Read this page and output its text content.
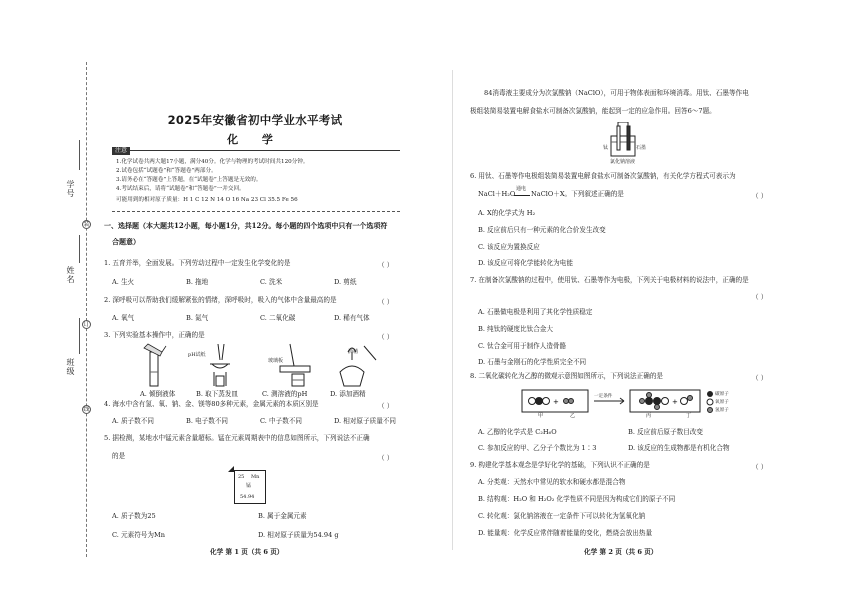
学号
姓名
班级
装
订
线
2025年安徽省初中学业水平考试
化 学
注意
1.化学试卷共两大题17小题，满分40分。化学与物理的考试时间共120分钟。
2.试卷包括“试题卷”和“答题卷”两部分。
3.请务必在“答题卷”上答题，在“试题卷”上答题是无效的。
4.考试结束后，请将“试题卷”和“答题卷”一并交回。
可能用到的相对原子质量：H 1 C 12 N 14 O 16 Na 23 Cl 35.5 Fe 56
一、选择题（本大题共12小题，每小题1分，共12分。每小题的四个选项中只有一个选项符
合题意）
1. 五育并举，全面发展。下列劳动过程中一定发生化学变化的是	（ ）
A. 生火	B. 拖地	C. 洗米	D. 剪纸
2. 深呼吸可以帮助我们缓解紧张的情绪，深呼吸时，吸入的气体中含量最高的是	（ ）
A. 氧气	B. 氮气	C. 二氧化碳	D. 稀有气体
3. 下列实验基本操作中，正确的是	（ ）
pH试纸
玻璃板
酒精
A. 倾倒液体	B. 取下蒸发皿	C. 测溶液的pH	D. 添加酒精
4. 海水中含有氢、氧、钠、金、镁等80多种元素，金属元素的本质区别是	（ ）
A. 质子数不同	B. 电子数不同	C. 中子数不同	D. 相对原子质量不同
5. 据检测，某地水中锰元素含量超标。锰在元素周期表中的信息如图所示，下列说法不正确
的是	（ ）
25 Mn
锰
54.94
A. 质子数为25	B. 属于金属元素
C. 元素符号为Mn	D. 相对原子质量为54.94 g
化学 第 1 页（共 6 页）
84消毒液主要成分为次氯酸钠（NaClO），可用于物体表面和环境消毒。用钛、石墨等作电
极组装简易装置电解食盐水可制备次氯酸钠，能起到一定的应急作用。回答6～7题。
钛	石墨
氯化钠溶液
6. 用钛、石墨等作电极组装简易装置电解食盐水可制备次氯酸钠，有关化学方程式可表示为
NaCl＋H₂O
通电
NaClO＋X。下列叙述正确的是	（ ）
A. X的化学式为 H₂
B. 反应前后只有一种元素的化合价发生改变
C. 该反应为置换反应
D. 该反应可将化学能转化为电能
7. 在制备次氯酸钠的过程中，使用钛、石墨等作为电极，下列关于电极材料的说法中，正确的是
（ ）
A. 石墨做电极是利用了其化学性质稳定
B. 纯钛的硬度比钛合金大
C. 钛合金可用于制作人造骨骼
D. 石墨与金刚石的化学性质完全不同
8. 二氧化碳转化为乙醇的微观示意图如图所示，下列说法正确的是	（ ）
+	+
甲	乙	丙	丁
一定条件	碳原子
氧原子
氢原子
A. 乙醇的化学式是 C₂H₆O	B. 反应前后原子数目改变
C. 参加反应的甲、乙分子个数比为 1∶3	D. 该反应的生成物都是有机化合物
9. 构建化学基本观念是学好化学的基础，下列认识不正确的是	（ ）
A. 分类观：天然水中常见的软水和硬水都是混合物
B. 结构观：H₂O 和 H₂O₂ 化学性质不同是因为构成它们的原子不同
C. 转化观：氯化钠溶液在一定条件下可以转化为氢氧化钠
D. 能量观：化学反应常伴随着能量的变化，燃烧会放出热量
化学 第 2 页（共 6 页）
